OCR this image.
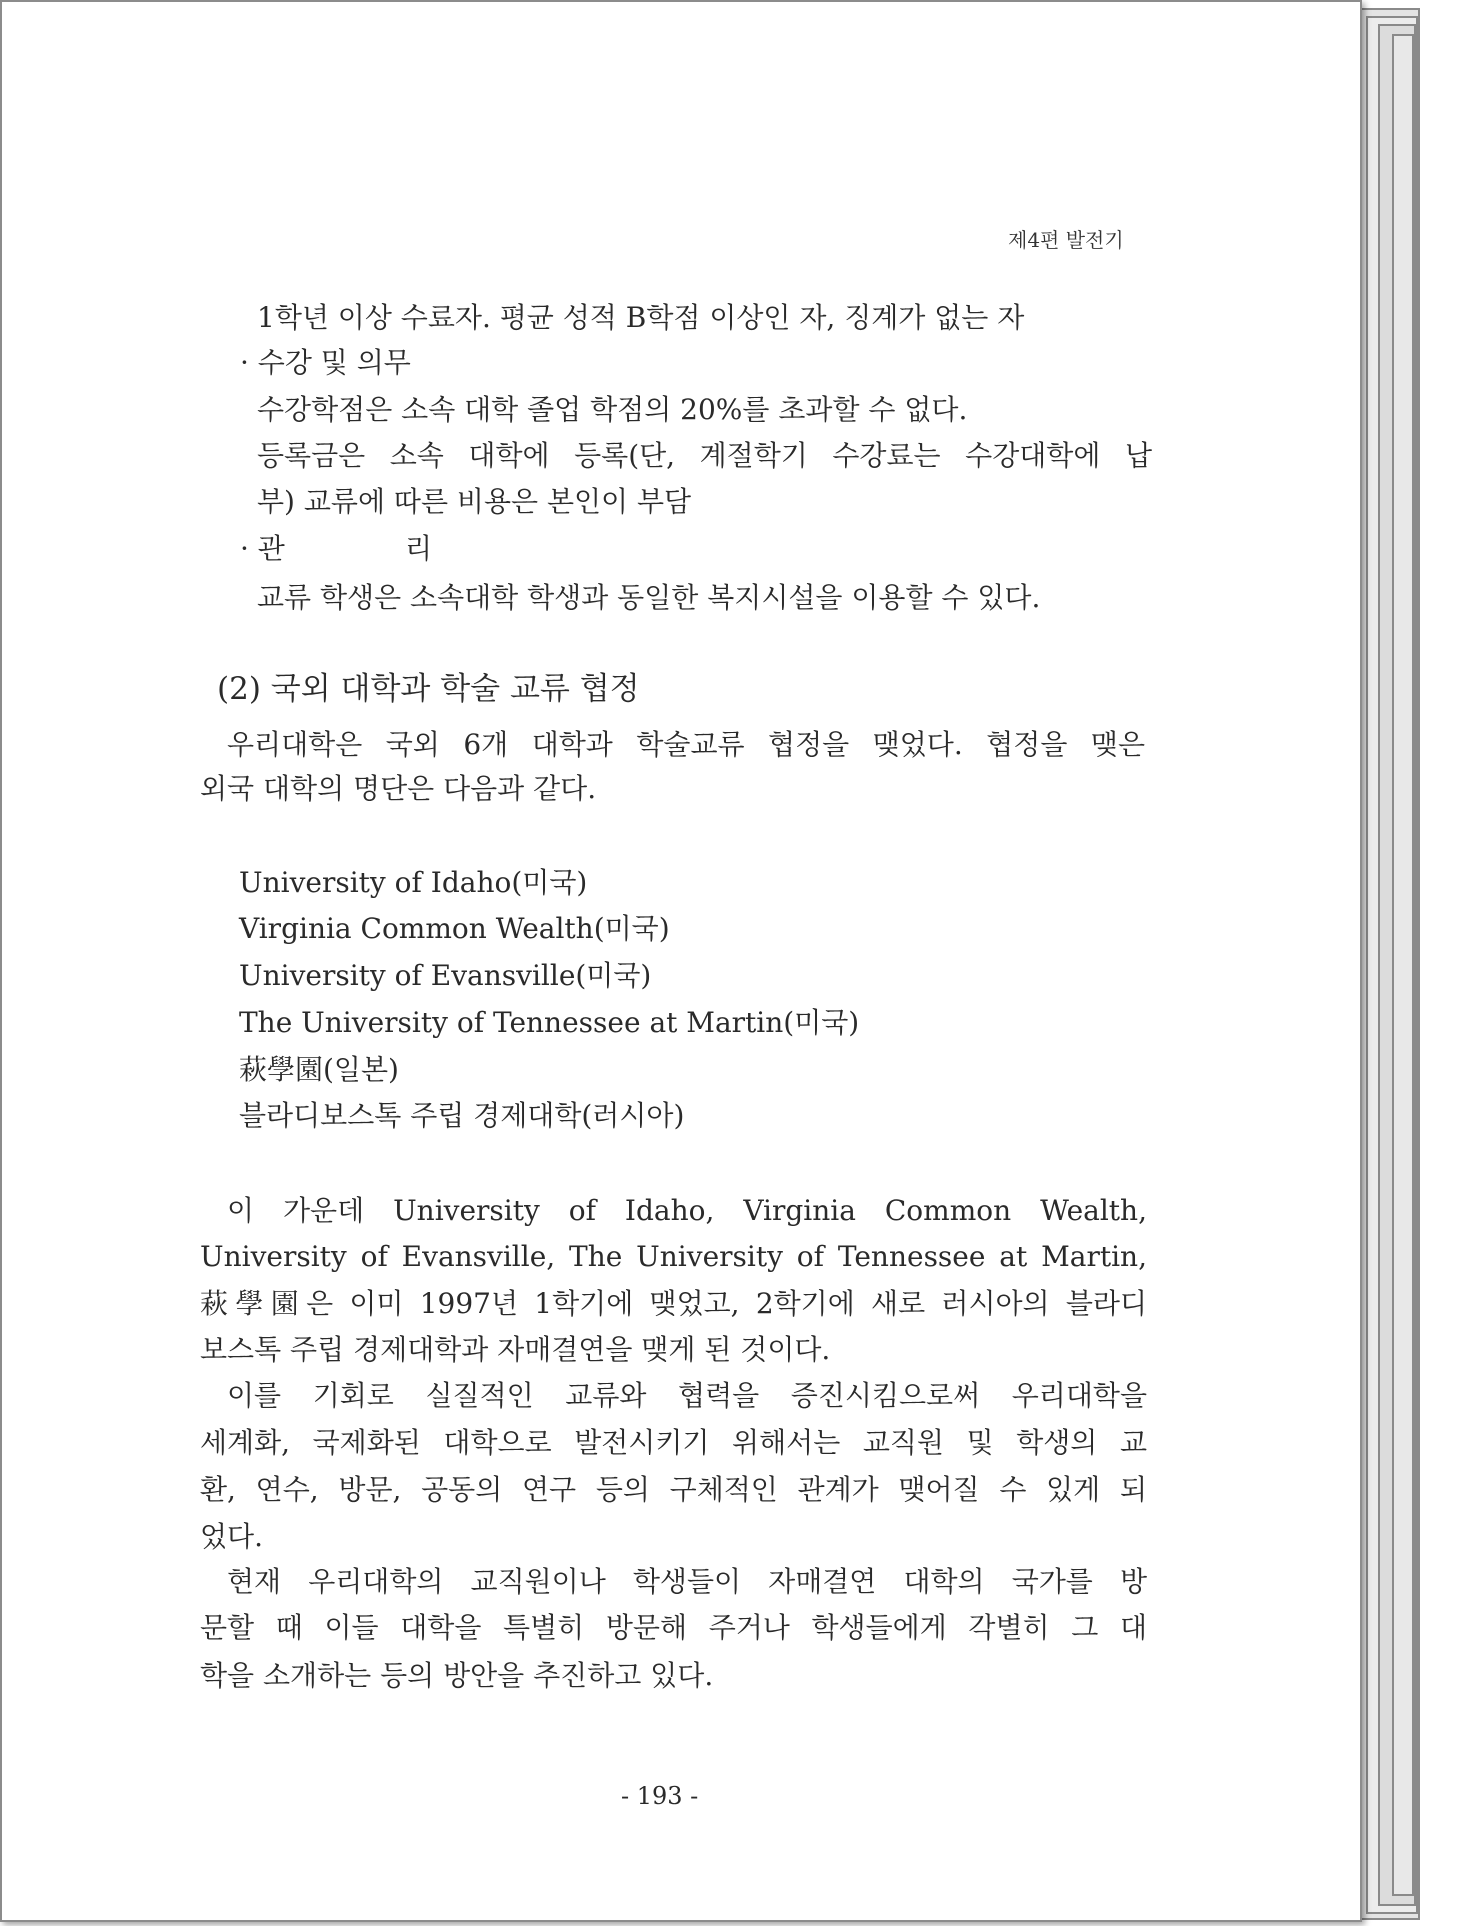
제4편 발전기
1학년 이상 수료자. 평균 성적 B학점 이상인 자, 징계가 없는 자
· 수강 및 의무
수강학점은 소속 대학 졸업 학점의 20%를 초과할 수 없다.
등록금은 소속 대학에 등록(단, 계절학기 수강료는 수강대학에 납
부) 교류에 따른 비용은 본인이 부담
· 관	리
교류 학생은 소속대학 학생과 동일한 복지시설을 이용할 수 있다.
(2) 국외 대학과 학술 교류 협정
우리대학은 국외 6개 대학과 학술교류 협정을 맺었다. 협정을 맺은
외국 대학의 명단은 다음과 같다.
University of Idaho(미국)
Virginia Common Wealth(미국)
University of Evansville(미국)
The University of Tennessee at Martin(미국)
萩學園(일본)
블라디보스톡 주립 경제대학(러시아)
이 가운데 University of Idaho, Virginia Common Wealth,
University of Evansville, The University of Tennessee at Martin,
萩學園은 이미 1997년 1학기에 맺었고, 2학기에 새로 러시아의 블라디
보스톡 주립 경제대학과 자매결연을 맺게 된 것이다.
이를 기회로 실질적인 교류와 협력을 증진시킴으로써 우리대학을
세계화, 국제화된 대학으로 발전시키기 위해서는 교직원 및 학생의 교
환, 연수, 방문, 공동의 연구 등의 구체적인 관계가 맺어질 수 있게 되
었다.
현재 우리대학의 교직원이나 학생들이 자매결연 대학의 국가를 방
문할 때 이들 대학을 특별히 방문해 주거나 학생들에게 각별히 그 대
학을 소개하는 등의 방안을 추진하고 있다.
- 193 -
